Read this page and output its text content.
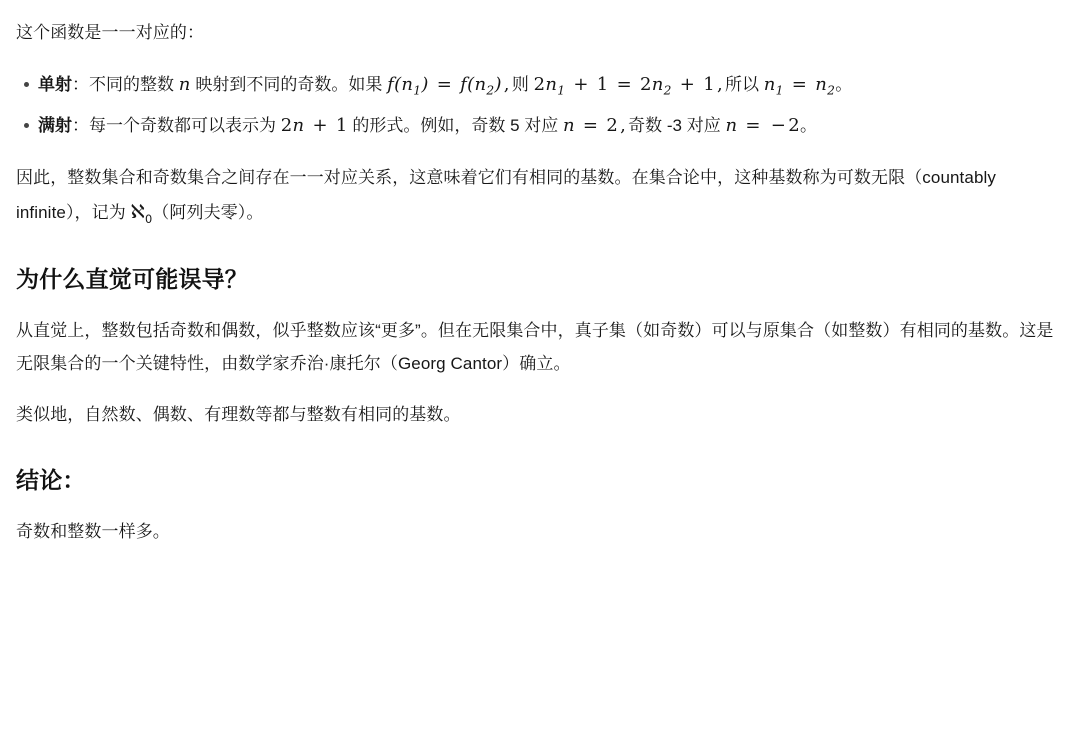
这个函数是一一对应的：

单射：不同的整数 n 映射到不同的奇数。如果 $f(n_1) = f(n_2)$ , 则 $2n_1 + 1 = 2n_2 + 1$ , 所以 $n_1 = n_2$。
满射：每一个奇数都可以表示为 2n + 1 的形式。例如，奇数 5 对应 n = 2 , 奇数 -3 对应 n = − 2。

因此，整数集合和奇数集合之间存在一一对应关系，这意味着它们有相同的基数。在集合论中，这种基数称为可数无限（countably infinite），记为 ℵ$_0$（阿列夫零）。

为什么直觉可能误导？

从直觉上，整数包括奇数和偶数，似乎整数应该“更多”。但在无限集合中，真子集（如奇数）可以与原集合（如整数）有相同的基数。这是无限集合的一个关键特性，由数学家乔治·康托尔（Georg Cantor）确立。

类似地，自然数、偶数、有理数等都与整数有相同的基数。

结论：

奇数和整数一样多。
